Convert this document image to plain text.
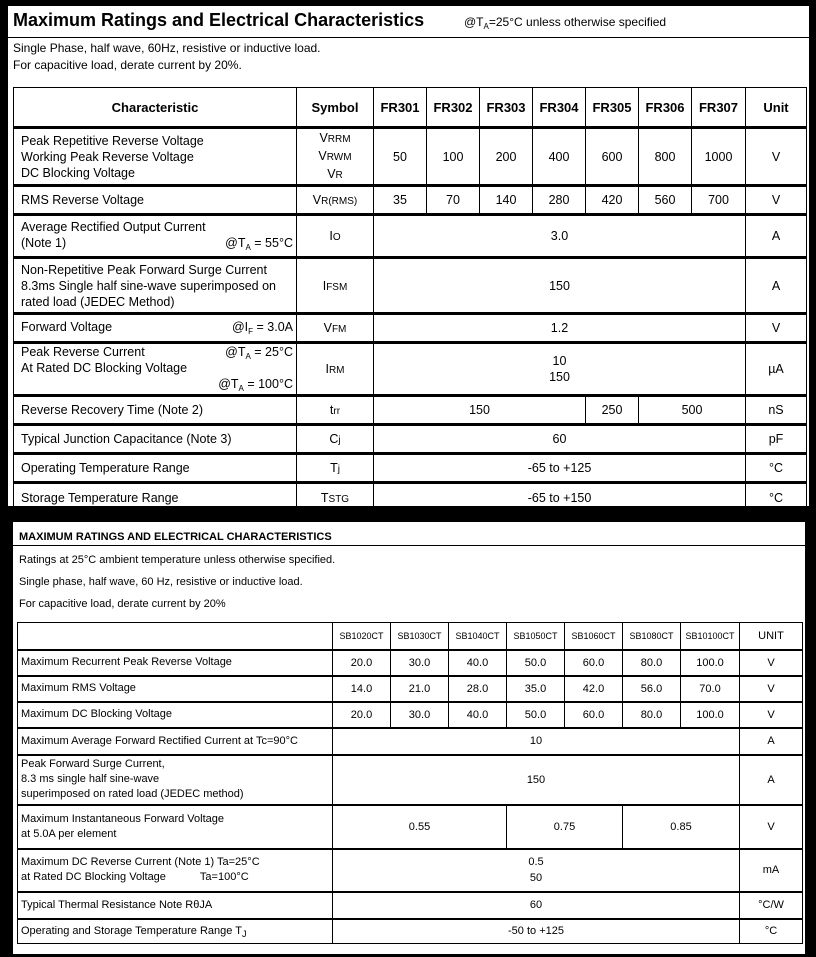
Maximum Ratings and Electrical Characteristics	$@T_A=25^\circ C$ unless otherwise specified
Single Phase, half wave, 60Hz, resistive or inductive load.
For capacitive load, derate current by 20%.
Characteristic	Symbol	FR301	FR302	FR303	FR304	FR305	FR306	FR307	Unit

Peak Repetitive Reverse Voltage
Working Peak Reverse Voltage
DC Blocking Voltage	VRRM
VRWM
VR	50	100	200	400	600	800	1000	V
RMS Reverse Voltage	VR(RMS)	35	70	140	280	420	560	700	V

Average Rectified Output Current
(Note 1) $@T_A = 55^\circ C$	IO	3.0							A

Non-Repetitive Peak Forward Surge Current
8.3ms Single half sine-wave superimposed on
rated load (JEDEC Method)	IFSM	150							A
Forward Voltage $@I_F = 3.0A$	VFM	1.2							V

Peak Reverse Current $@T_A = 25^\circ C$
At Rated DC Blocking Voltage
$@T_A = 100^\circ C$	IRM	10
150							µA
Reverse Recovery Time (Note 2)	trr	150				250	500		nS
Typical Junction Capacitance (Note 3)	Cj	60							pF
Operating Temperature Range	Tj	-65 to +125							°C
Storage Temperature Range	TSTG	-65 to +150							°C
MAXIMUM RATINGS AND ELECTRICAL CHARACTERISTICS
Ratings at 25°C ambient temperature unless otherwise specified.
Single phase, half wave, 60 Hz, resistive or inductive load.
For capacitive load, derate current by 20%
	SB1020CT	SB1030CT	SB1040CT	SB1050CT	SB1060CT	SB1080CT	SB10100CT	UNIT
Maximum Recurrent Peak Reverse Voltage	20.0	30.0	40.0	50.0	60.0	80.0	100.0	V
Maximum RMS Voltage	14.0	21.0	28.0	35.0	42.0	56.0	70.0	V
Maximum DC Blocking Voltage	20.0	30.0	40.0	50.0	60.0	80.0	100.0	V
Maximum Average Forward Rectified Current at Tc=90°C	10							A

Peak Forward Surge Current,
8.3 ms single half sine-wave
superimposed on rated load (JEDEC method)	150							A

Maximum Instantaneous Forward Voltage
at 5.0A per element	0.55			0.75		0.85		V

Maximum DC Reverse Current (Note 1) Ta=25°C
at Rated DC Blocking Voltage Ta=100°C	0.5
50							mA
Typical Thermal Resistance Note RθJA	60							°C/W
Operating and Storage Temperature Range $T_J$	-50 to +125							°C
